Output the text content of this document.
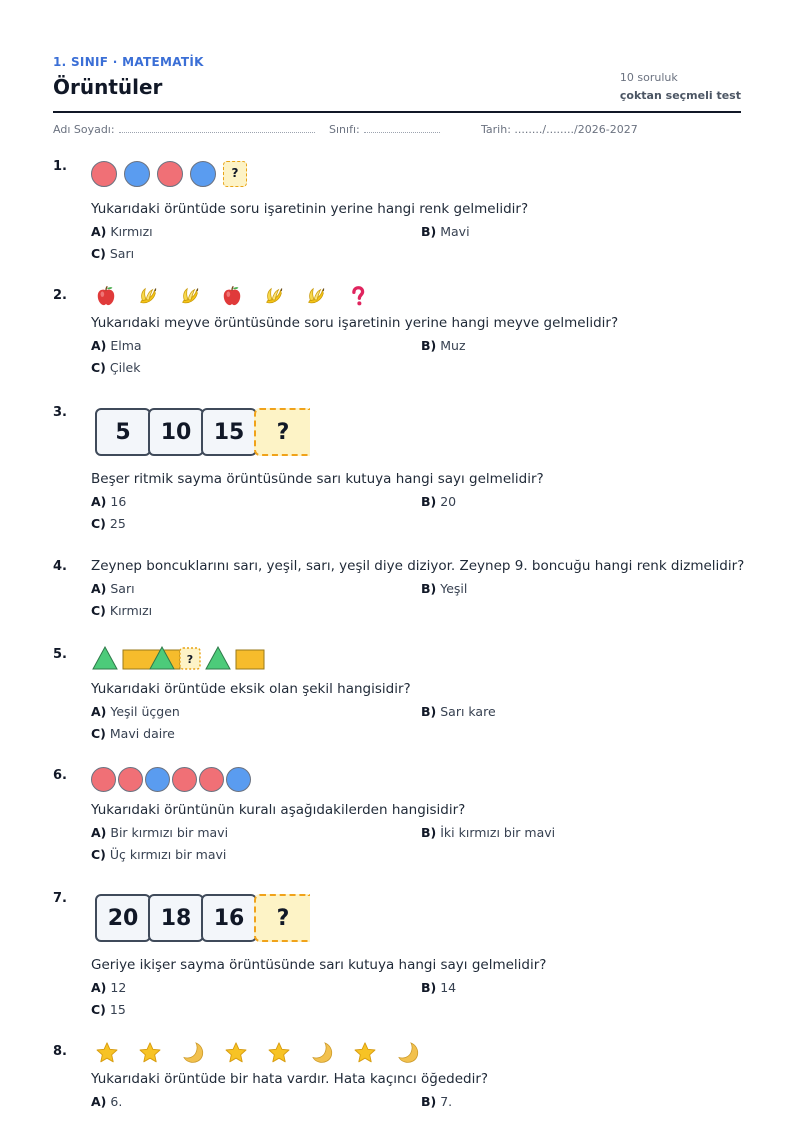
1. SINIF · MATEMATİK
Örüntüler	10 soruluk
çoktan seçmeli test
Adı Soyadı:	Sınıfı:	Tarih: ......../......../2026-2027
1.	?
Yukarıdaki örüntüde soru işaretinin yerine hangi renk gelmelidir?
A) Kırmızı	B) Mavi
C) Sarı
2.
Yukarıdaki meyve örüntüsünde soru işaretinin yerine hangi meyve gelmelidir?
A) Elma	B) Muz
C) Çilek
3.
5	10	15	?
Beşer ritmik sayma örüntüsünde sarı kutuya hangi sayı gelmelidir?
A) 16	B) 20
C) 25
4. Zeynep boncuklarını sarı, yeşil, sarı, yeşil diye diziyor. Zeynep 9. boncuğu hangi renk dizmelidir?
A) Sarı	B) Yeşil
C) Kırmızı
5.	?
Yukarıdaki örüntüde eksik olan şekil hangisidir?
A) Yeşil üçgen	B) Sarı kare
C) Mavi daire
6.
Yukarıdaki örüntünün kuralı aşağıdakilerden hangisidir?
A) Bir kırmızı bir mavi	B) İki kırmızı bir mavi
C) Üç kırmızı bir mavi
7.
20	18	16	?
Geriye ikişer sayma örüntüsünde sarı kutuya hangi sayı gelmelidir?
A) 12	B) 14
C) 15
8.
Yukarıdaki örüntüde bir hata vardır. Hata kaçıncı öğededir?
A) 6.	B) 7.
